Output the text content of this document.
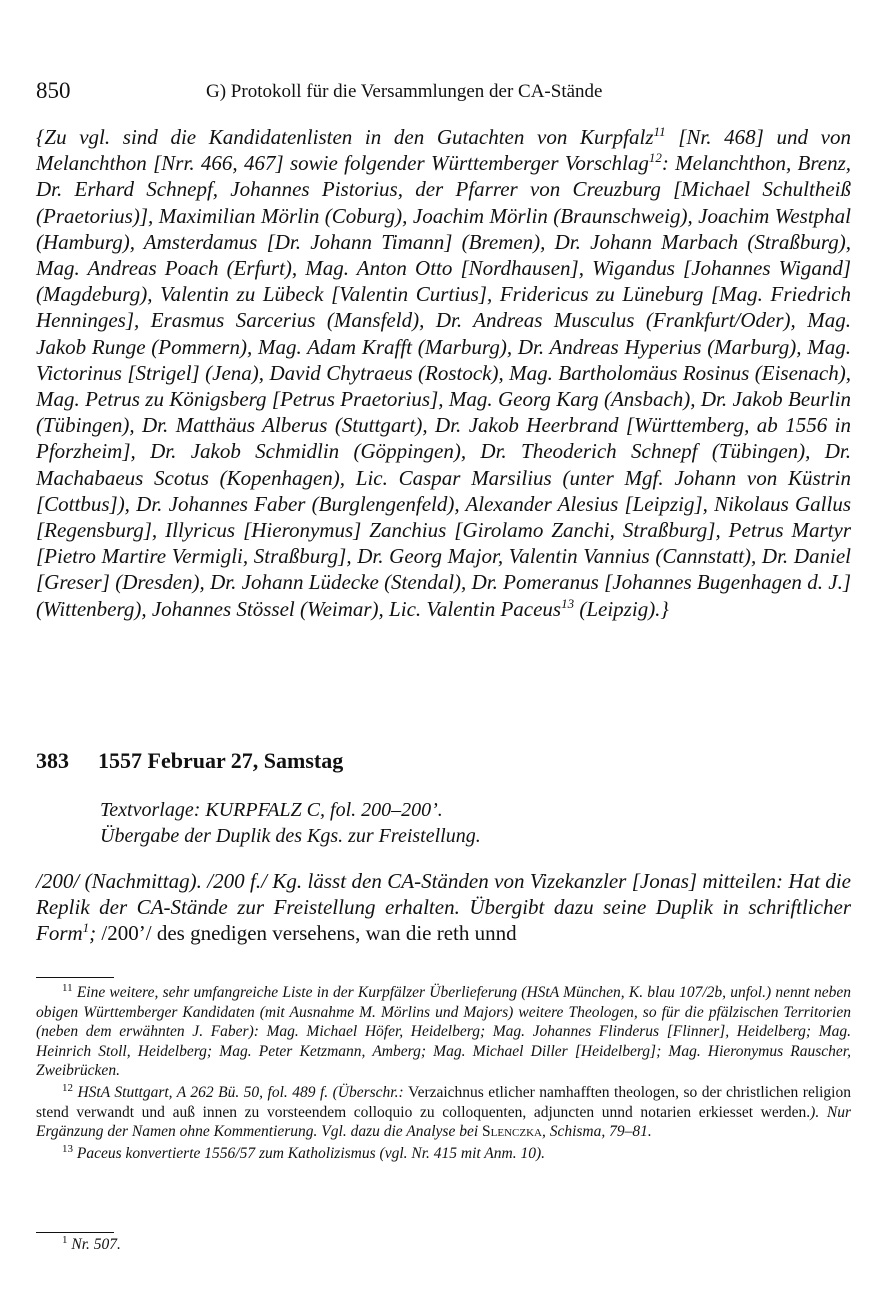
850	G) Protokoll für die Versammlungen der CA-Stände
{Zu vgl. sind die Kandidatenlisten in den Gutachten von Kurpfalz$^{11}$ [Nr. 468] und von Melanchthon [Nrr. 466, 467] sowie folgender Württemberger Vorschlag$^{12}$: Melanchthon, Brenz, Dr. Erhard Schnepf, Johannes Pistorius, der Pfarrer von Creuzburg [Michael Schultheiß (Praetorius)], Maximilian Mörlin (Coburg), Joachim Mörlin (Braunschweig), Joachim Westphal (Hamburg), Amsterdamus [Dr. Johann Timann] (Bremen), Dr. Johann Marbach (Straßburg), Mag. Andreas Poach (Erfurt), Mag. Anton Otto [Nordhausen], Wigandus [Johannes Wigand] (Magdeburg), Valentin zu Lübeck [Valentin Curtius], Fridericus zu Lüneburg [Mag. Friedrich Henninges], Erasmus Sarcerius (Mansfeld), Dr. Andreas Musculus (Frankfurt/Oder), Mag. Jakob Runge (Pommern), Mag. Adam Krafft (Marburg), Dr. Andreas Hyperius (Marburg), Mag. Victorinus [Strigel] (Jena), David Chytraeus (Rostock), Mag. Bartholomäus Rosinus (Eisenach), Mag. Petrus zu Königsberg [Petrus Praetorius], Mag. Georg Karg (Ansbach), Dr. Jakob Beurlin (Tübingen), Dr. Matthäus Alberus (Stuttgart), Dr. Jakob Heerbrand [Württemberg, ab 1556 in Pforzheim], Dr. Jakob Schmidlin (Göppingen), Dr. Theoderich Schnepf (Tübingen), Dr. Machabaeus Scotus (Kopenhagen), Lic. Caspar Marsilius (unter Mgf. Johann von Küstrin [Cottbus]), Dr. Johannes Faber (Burglengenfeld), Alexander Alesius [Leipzig], Nikolaus Gallus [Regensburg], Illyricus [Hieronymus] Zanchius [Girolamo Zanchi, Straßburg], Petrus Martyr [Pietro Martire Vermigli, Straßburg], Dr. Georg Major, Valentin Vannius (Cannstatt), Dr. Daniel [Greser] (Dresden), Dr. Johann Lüdecke (Stendal), Dr. Pomeranus [Johannes Bugenhagen d. J.] (Wittenberg), Johannes Stössel (Weimar), Lic. Valentin Paceus$^{13}$ (Leipzig).}
383 1557 Februar 27, Samstag
Textvorlage: KURPFALZ C, fol. 200–200’.
Übergabe der Duplik des Kgs. zur Freistellung.
/200/ (Nachmittag). /200 f./ Kg. lässt den CA-Ständen von Vizekanzler [Jonas] mitteilen: Hat die Replik der CA-Stände zur Freistellung erhalten. Übergibt dazu seine Duplik in schriftlicher Form$^1$; /200’/ des gnedigen versehens, wan die reth unnd

$^{11}$ Eine weitere, sehr umfangreiche Liste in der Kurpfälzer Überlieferung (HStA München, K. blau 107/2b, unfol.) nennt neben obigen Württemberger Kandidaten (mit Ausnahme M. Mörlins und Majors) weitere Theologen, so für die pfälzischen Territorien (neben dem erwähnten J. Faber): Mag. Michael Höfer, Heidelberg; Mag. Johannes Flinderus [Flinner], Heidelberg; Mag. Heinrich Stoll, Heidelberg; Mag. Peter Ketzmann, Amberg; Mag. Michael Diller [Heidelberg]; Mag. Hieronymus Rauscher, Zweibrücken.

$^{12}$ HStA Stuttgart, A 262 Bü. 50, fol. 489 f. (Überschr.: Verzaichnus etlicher namhafften theologen, so der christlichen religion stend verwandt und auß innen zu vorsteendem colloquio zu colloquenten, adjuncten unnd notarien erkiesset werden.). Nur Ergänzung der Namen ohne Kommentierung. Vgl. dazu die Analyse bei Slenczka, Schisma, 79–81.

$^{13}$ Paceus konvertierte 1556/57 zum Katholizismus (vgl. Nr. 415 mit Anm. 10).

$^1$ Nr. 507.
